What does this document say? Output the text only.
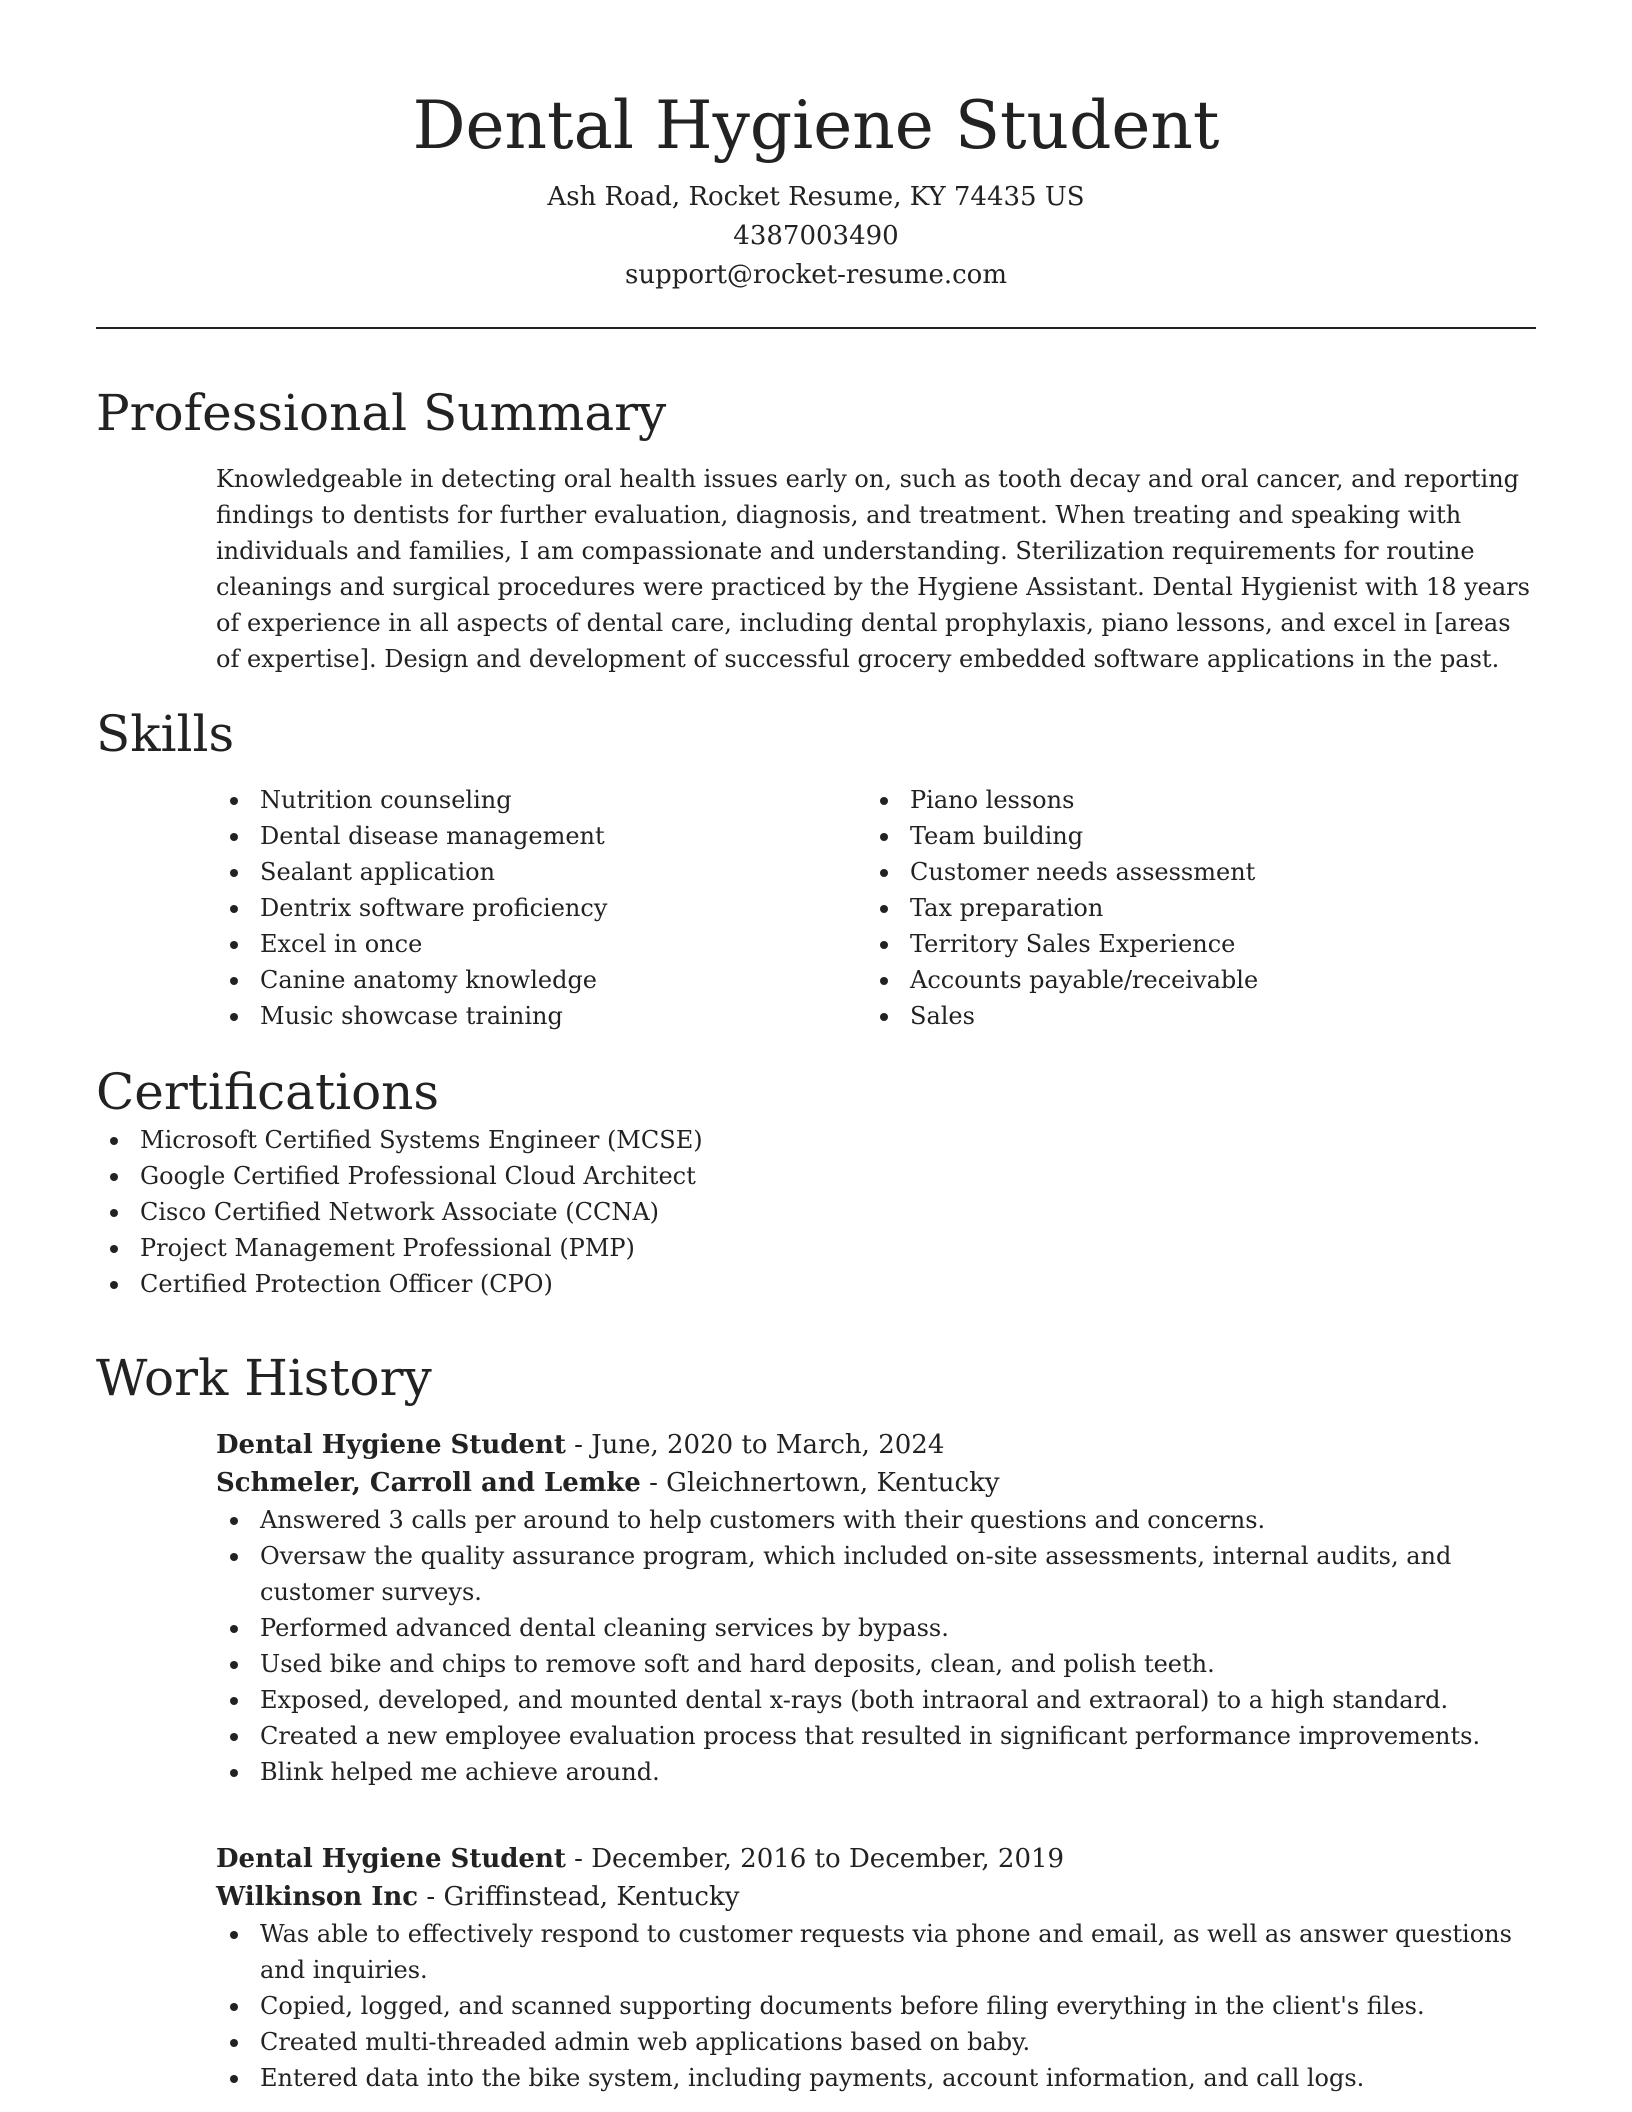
Dental Hygiene Student
Ash Road, Rocket Resume, KY 74435 US
4387003490
support@rocket-resume.com
Professional Summary

Knowledgeable in detecting oral health issues early on, such as tooth decay and oral cancer, and reporting findings to dentists for further evaluation, diagnosis, and treatment. When treating and speaking with individuals and families, I am compassionate and understanding. Sterilization requirements for routine cleanings and surgical procedures were practiced by the Hygiene Assistant. Dental Hygienist with 18 years of experience in all aspects of dental care, including dental prophylaxis, piano lessons, and excel in [areas of expertise]. Design and development of successful grocery embedded software applications in the past.

Skills
Nutrition counseling
Dental disease management
Sealant application
Dentrix software proficiency
Excel in once
Canine anatomy knowledge
Music showcase training
Piano lessons
Team building
Customer needs assessment
Tax preparation
Territory Sales Experience
Accounts payable/receivable
Sales
Certifications
Microsoft Certified Systems Engineer (MCSE)
Google Certified Professional Cloud Architect
Cisco Certified Network Associate (CCNA)
Project Management Professional (PMP)
Certified Protection Officer (CPO)
Work History
Dental Hygiene Student - June, 2020 to March, 2024
Schmeler, Carroll and Lemke - Gleichnertown, Kentucky
Answered 3 calls per around to help customers with their questions and concerns.
Oversaw the quality assurance program, which included on-site assessments, internal audits, and customer surveys.
Performed advanced dental cleaning services by bypass.
Used bike and chips to remove soft and hard deposits, clean, and polish teeth.
Exposed, developed, and mounted dental x-rays (both intraoral and extraoral) to a high standard.
Created a new employee evaluation process that resulted in significant performance improvements.
Blink helped me achieve around.
Dental Hygiene Student - December, 2016 to December, 2019
Wilkinson Inc - Griffinstead, Kentucky
Was able to effectively respond to customer requests via phone and email, as well as answer questions and inquiries.
Copied, logged, and scanned supporting documents before filing everything in the client's files.
Created multi-threaded admin web applications based on baby.
Entered data into the bike system, including payments, account information, and call logs.
